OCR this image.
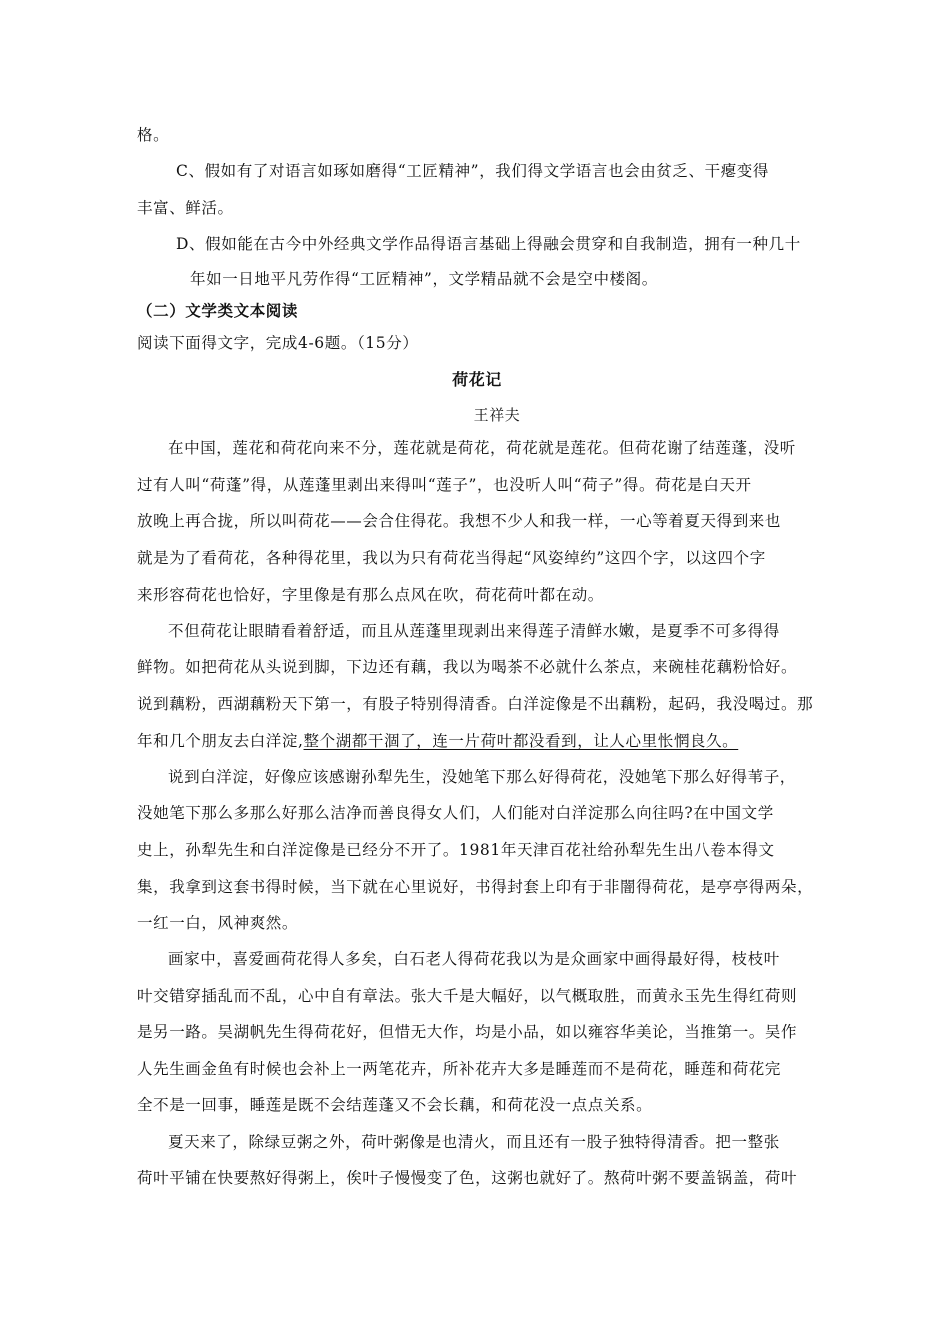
格。
C、假如有了对语言如琢如磨得“工匠精神”，我们得文学语言也会由贫乏、干瘪变得
丰富、鲜活。
D、假如能在古今中外经典文学作品得语言基础上得融会贯穿和自我制造，拥有一种几十
年如一日地平凡劳作得“工匠精神”，文学精品就不会是空中楼阁。
（二）文学类文本阅读
阅读下面得文字，完成4-6题。（15分）
荷花记
王祥夫
在中国，莲花和荷花向来不分，莲花就是荷花，荷花就是莲花。但荷花谢了结莲蓬，没听
过有人叫“荷蓬”得，从莲蓬里剥出来得叫“莲子”，也没听人叫“荷子”得。荷花是白天开
放晚上再合拢，所以叫荷花——会合住得花。我想不少人和我一样，一心等着夏天得到来也
就是为了看荷花，各种得花里，我以为只有荷花当得起“风姿绰约”这四个字，以这四个字
来形容荷花也恰好，字里像是有那么点风在吹，荷花荷叶都在动。
不但荷花让眼睛看着舒适，而且从莲蓬里现剥出来得莲子清鲜水嫩，是夏季不可多得得
鲜物。如把荷花从头说到脚，下边还有藕，我以为喝茶不必就什么茶点，来碗桂花藕粉恰好。
说到藕粉，西湖藕粉天下第一，有股子特别得清香。白洋淀像是不出藕粉，起码，我没喝过。那
年和几个朋友去白洋淀,整个湖都干涸了，连一片荷叶都没看到，让人心里怅惘良久。
说到白洋淀，好像应该感谢孙犁先生，没她笔下那么好得荷花，没她笔下那么好得苇子，
没她笔下那么多那么好那么洁净而善良得女人们，人们能对白洋淀那么向往吗?在中国文学
史上，孙犁先生和白洋淀像是已经分不开了。1981年天津百花社给孙犁先生出八卷本得文
集，我拿到这套书得时候，当下就在心里说好，书得封套上印有于非闇得荷花，是亭亭得两朵，
一红一白，风神爽然。
画家中，喜爱画荷花得人多矣，白石老人得荷花我以为是众画家中画得最好得，枝枝叶
叶交错穿插乱而不乱，心中自有章法。张大千是大幅好，以气概取胜，而黄永玉先生得红荷则
是另一路。吴湖帆先生得荷花好，但惜无大作，均是小品，如以雍容华美论，当推第一。吴作
人先生画金鱼有时候也会补上一两笔花卉，所补花卉大多是睡莲而不是荷花，睡莲和荷花完
全不是一回事，睡莲是既不会结莲蓬又不会长藕，和荷花没一点点关系。
夏天来了，除绿豆粥之外，荷叶粥像是也清火，而且还有一股子独特得清香。把一整张
荷叶平铺在快要熬好得粥上，俟叶子慢慢变了色，这粥也就好了。熬荷叶粥不要盖锅盖，荷叶
